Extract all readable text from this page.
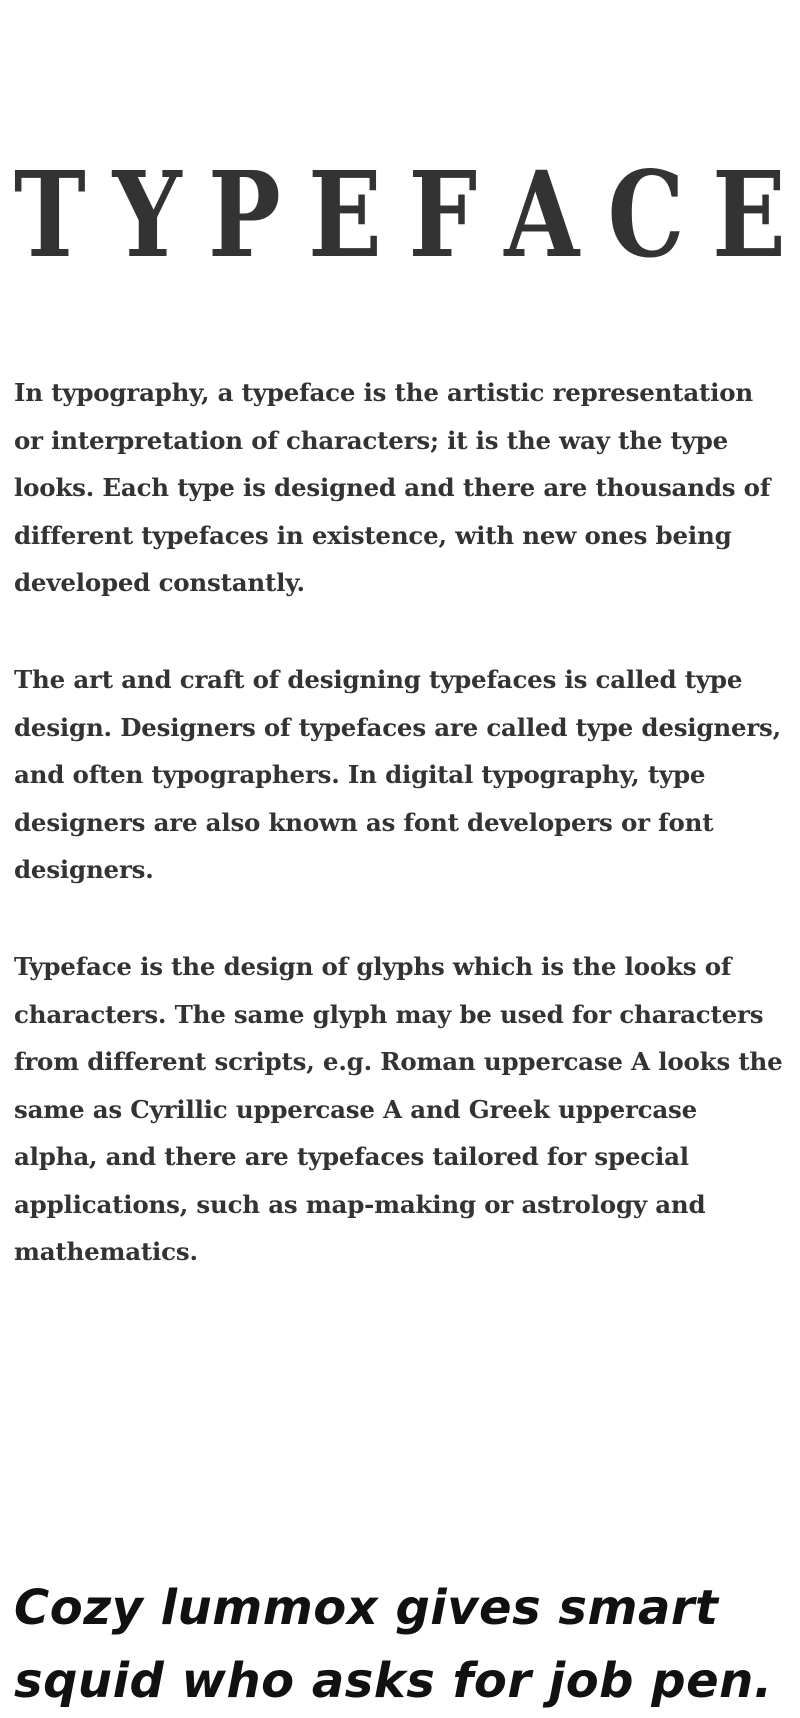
T Y P E F A C E

In typography, a typeface is the artistic representation or interpretation of characters; it is the way the type looks. Each type is designed and there are thousands of different typefaces in existence, with new ones being developed constantly.

The art and craft of designing typefaces is called type design. Designers of typefaces are called type designers, and often typographers. In digital typography, type designers are also known as font developers or font designers.

Typeface is the design of glyphs which is the looks of characters. The same glyph may be used for characters from different scripts, e.g. Roman uppercase A looks the same as Cyrillic uppercase A and Greek uppercase alpha, and there are typefaces tailored for special applications, such as map-making or astrology and mathematics.

Cozy lummox gives smart squid who asks for job pen.
